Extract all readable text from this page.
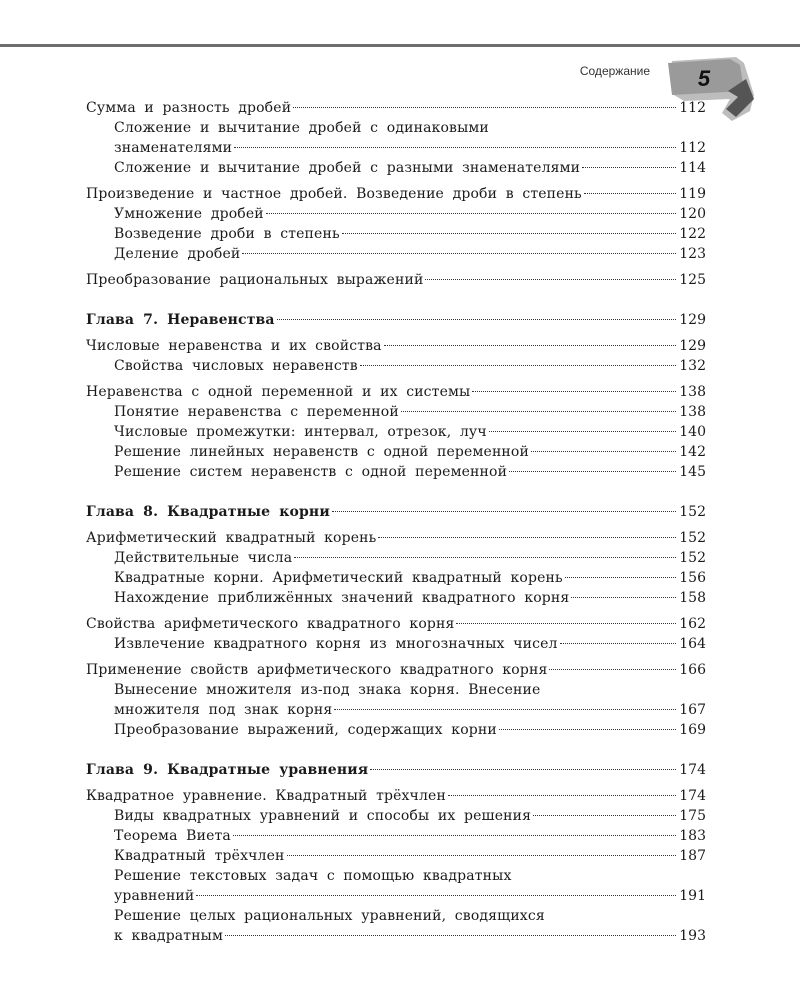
Содержание 5
Сумма и разность дробей	112
Сложение и вычитание дробей с одинаковыми
знаменателями	112
Сложение и вычитание дробей с разными знаменателями	114
Произведение и частное дробей. Возведение дроби в степень	119
Умножение дробей	120
Возведение дроби в степень	122
Деление дробей	123
Преобразование рациональных выражений	125
Глава 7. Неравенства	129
Числовые неравенства и их свойства	129
Свойства числовых неравенств	132
Неравенства с одной переменной и их системы	138
Понятие неравенства с переменной	138
Числовые промежутки: интервал, отрезок, луч	140
Решение линейных неравенств с одной переменной	142
Решение систем неравенств с одной переменной	145
Глава 8. Квадратные корни	152
Арифметический квадратный корень	152
Действительные числа	152
Квадратные корни. Арифметический квадратный корень	156
Нахождение приближённых значений квадратного корня	158
Свойства арифметического квадратного корня	162
Извлечение квадратного корня из многозначных чисел	164
Применение свойств арифметического квадратного корня	166
Вынесение множителя из-под знака корня. Внесение
множителя под знак корня	167
Преобразование выражений, содержащих корни	169
Глава 9. Квадратные уравнения	174
Квадратное уравнение. Квадратный трёхчлен	174
Виды квадратных уравнений и способы их решения	175
Теорема Виета	183
Квадратный трёхчлен	187
Решение текстовых задач с помощью квадратных
уравнений	191
Решение целых рациональных уравнений, сводящихся
к квадратным	193
